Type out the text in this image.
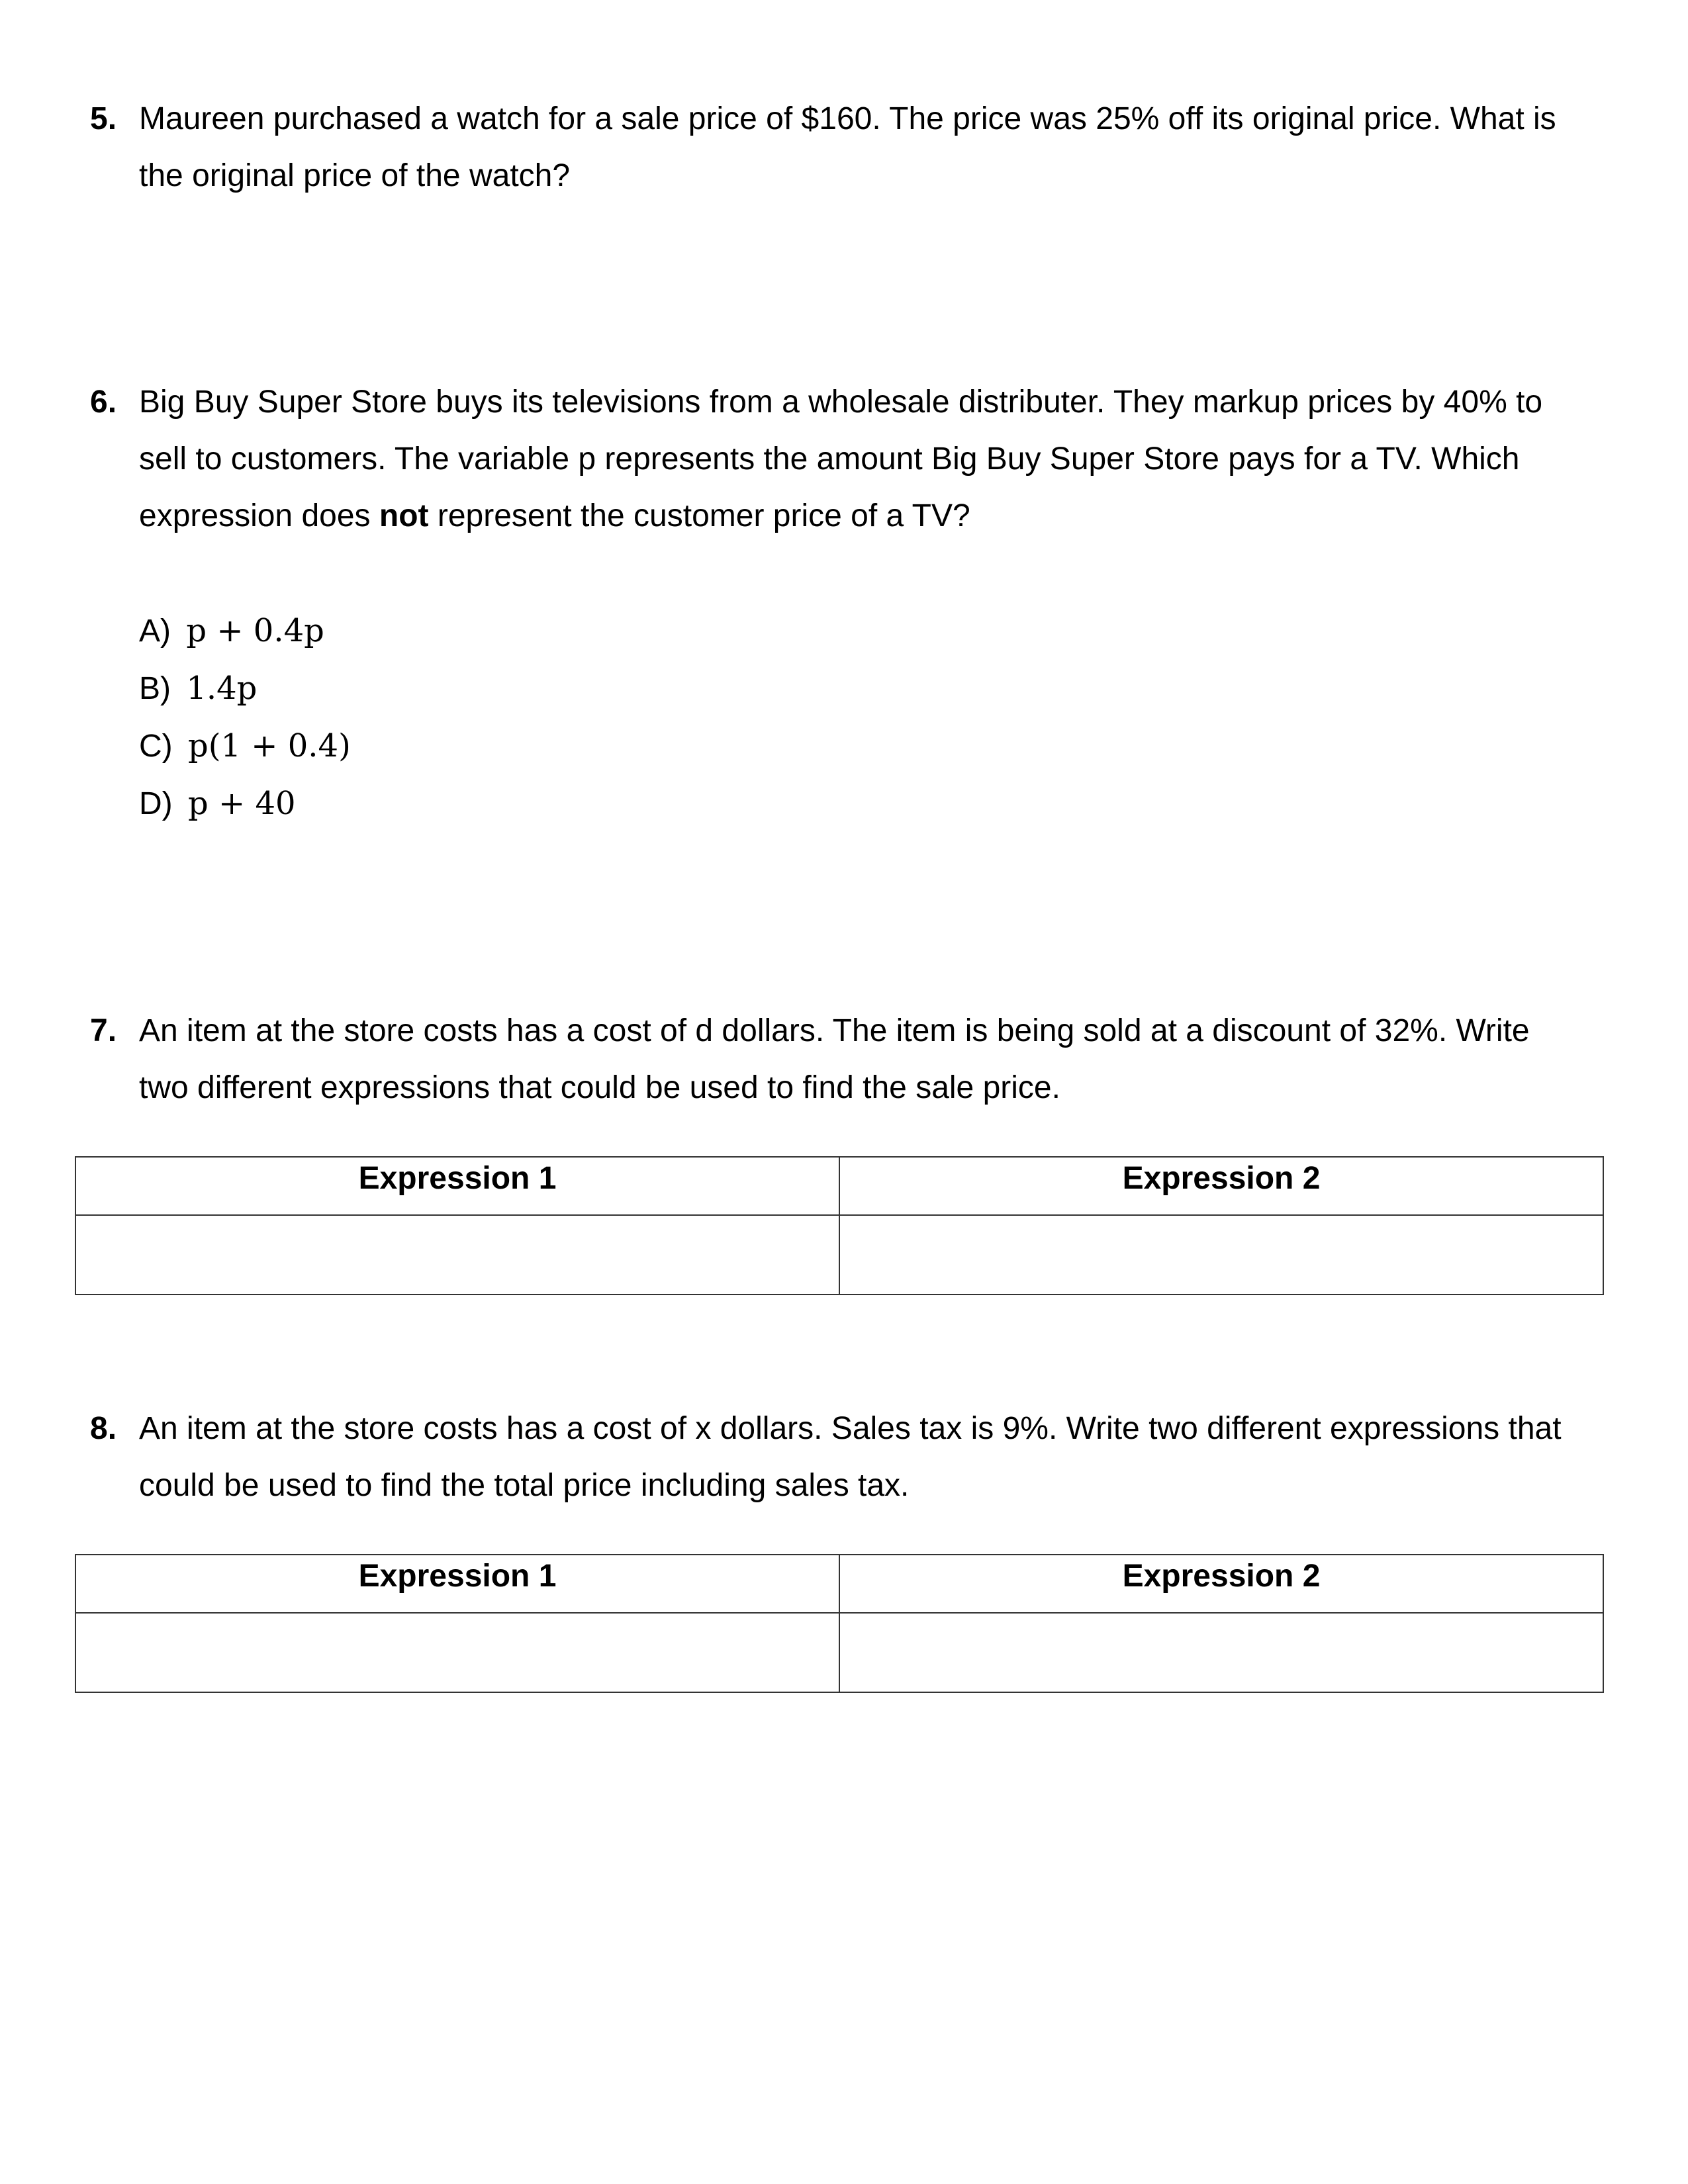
5. Maureen purchased a watch for a sale price of $160. The price was 25% off its original price. What is
the original price of the watch?
6. Big Buy Super Store buys its televisions from a wholesale distributer. They markup prices by 40% to
sell to customers. The variable p represents the amount Big Buy Super Store pays for a TV. Which
expression does not represent the customer price of a TV?
A) p + 0.4p
B) 1.4p
C) p(1 + 0.4)
D) p + 40
7. An item at the store costs has a cost of d dollars. The item is being sold at a discount of 32%. Write
two different expressions that could be used to find the sale price.
Expression 1	Expression 2

8. An item at the store costs has a cost of x dollars. Sales tax is 9%. Write two different expressions that
could be used to find the total price including sales tax.
Expression 1	Expression 2
